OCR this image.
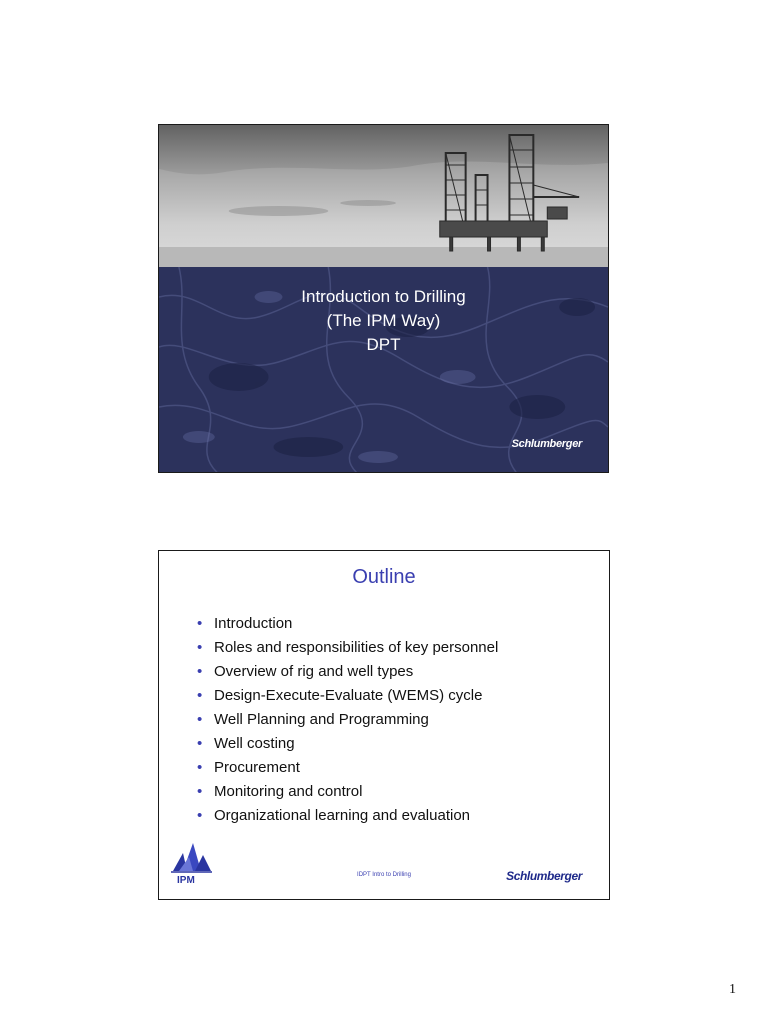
Introduction to Drilling
(The IPM Way)
DPT
Schlumberger
Outline
• Introduction
• Roles and responsibilities of key personnel
• Overview of rig and well types
• Design-Execute-Evaluate (WEMS) cycle
• Well Planning and Programming
• Well costing
• Procurement
• Monitoring and control
• Organizational learning and evaluation
IPM	IDPT Intro to Drilling	Schlumberger
1
